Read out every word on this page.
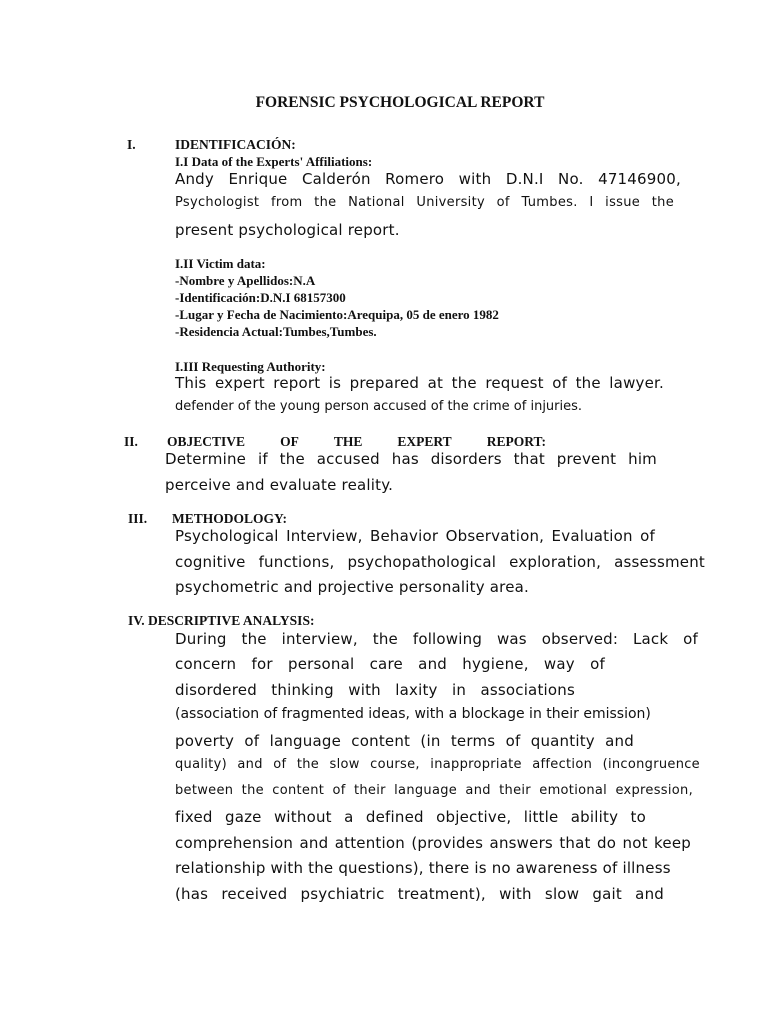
FORENSIC PSYCHOLOGICAL REPORT
I.	IDENTIFICACIÓN:
I.I Data of the Experts' Affiliations:
Andy Enrique Calderón Romero with D.N.I No. 47146900,
Psychologist from the National University of Tumbes. I issue the
present psychological report.
I.II Victim data:
-Nombre y Apellidos:N.A
-Identificación:D.N.I 68157300
-Lugar y Fecha de Nacimiento:Arequipa, 05 de enero 1982
-Residencia Actual:Tumbes,Tumbes.
I.III Requesting Authority:
This expert report is prepared at the request of the lawyer.
defender of the young person accused of the crime of injuries.
II. OBJECTIVE	OF	THE	EXPERT	REPORT:
Determine if the accused has disorders that prevent him
perceive and evaluate reality.
III. METHODOLOGY:
Psychological Interview, Behavior Observation, Evaluation of
cognitive functions, psychopathological exploration, assessment
psychometric and projective personality area.
IV. DESCRIPTIVE ANALYSIS:
During the interview, the following was observed: Lack of
concern for personal care and hygiene, way of
disordered thinking with laxity in associations
(association of fragmented ideas, with a blockage in their emission)
poverty of language content (in terms of quantity and
quality) and of the slow course, inappropriate affection (incongruence
between the content of their language and their emotional expression,
fixed gaze without a defined objective, little ability to
comprehension and attention (provides answers that do not keep
relationship with the questions), there is no awareness of illness
(has received psychiatric treatment), with slow gait and
